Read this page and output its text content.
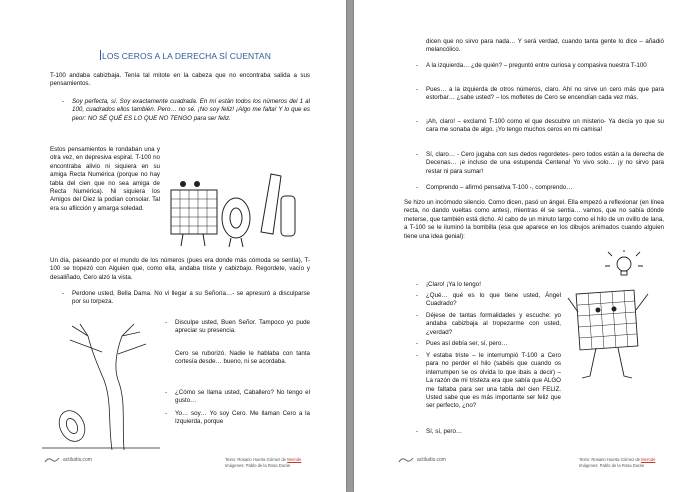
LOS CEROS A LA DERECHA SÍ CUENTAN

T-100 andaba cabizbaja. Tenía tal mitote en la cabeza que no encontraba salida a sus pensamientos.

- Soy perfecta, sí. Soy exactamente cuadrada. En mí están todos los números del 1 al 100, cuadrados ellos también. Pero… no sé. ¡No soy feliz! ¡Algo me falta! Y lo que es peor: NO SÉ QUÉ ES LO QUE NO TENGO para ser feliz.

Estos pensamientos le rondaban una y otra vez, en depresiva espiral. T-100 no encontraba alivio ni siquiera en su amiga Recta Numérica (porque no hay tabla del cien que no sea amiga de Recta Numérica). Ni siquiera los Amigos del Diez la podían consolar. Tal era su aflicción y amarga soledad.

Un día, paseando por el mundo de los números (pues era donde más cómoda se sentía), T-100 se tropezó con Alguien que, como ella, andaba triste y cabizbajo. Regordete, vacío y desaliñado, Cero alzó la vista.

- Perdone usted, Bella Dama. No vi llegar a su Señoría…- se apresuró a disculparse por su torpeza.

- Disculpe usted, Buen Señor. Tampoco yo pude apreciar su presencia.

Cero se ruborizó. Nadie le hablaba con tanta cortesía desde… bueno, ni se acordaba.

- ¿Cómo se llama usted, Caballero? No tengo el gusto…

- Yo… soy… Yo soy Cero. Me llaman Cero a la Izquierda, porque

actiludis.com	Texto: Rosario Huerta Gómez de Merode
Imágenes: Pablo de la Rosa Durán

dicen que no sirvo para nada… Y será verdad, cuando tanta gente lo dice – añadió melancólico.

- A la izquierda… ¿de quién? – preguntó entre curiosa y compasiva nuestra T-100

- Pues… a la izquierda de otros números, claro. Ahí no sirve un cero más que para estorbar… ¿sabe usted? – los mofletes de Cero se encendían cada vez más.

- ¡Ah, claro! – exclamó T-100 como el que descubre un misterio- Ya decía yo que su cara me sonaba de algo. ¡Yo tengo muchos ceros en mi camisa!

- Sí, claro… - Cero jugaba con sus dedos regordetes- pero todos están a la derecha de Decenas… ¡e incluso de una estupenda Centena! Yo vivo solo… ¡y no sirvo para restar ni para sumar!

- Comprendo – afirmó pensativa T-100 -, comprendo…

Se hizo un incómodo silencio. Como dicen, pasó un ángel. Ella empezó a reflexionar (en línea recta, no dando vueltas como antes), mientras él se sentía… vamos, que no sabía dónde meterse, que también está dicho. Al cabo de un minuto largo como el hilo de un ovillo de lana, a T-100 se le iluminó la bombilla (esa que aparece en los dibujos animados cuando alguien tiene una idea genial):

- ¡Claro! ¡Ya lo tengo!

- ¿Qué… qué es lo que tiene usted, Ángel Cuadrado?

- Déjese de tantas formalidades y escuche: yo andaba cabizbaja al tropezarme con usted, ¿verdad?

- Pues así debía ser, sí, pero…

- Y estaba triste – le interrumpió T-100 a Cero para no perder el hilo (sabéis que cuando os interrumpen se os olvida lo que ibais a decir) – La razón de mi tristeza era que sabía que ALGO me faltaba para ser una tabla del cien FELIZ. Usted sabe que es más importante ser feliz que ser perfecto, ¿no?

- Sí, sí, pero…

actiludis.com	Texto: Rosario Huerta Gómez de Merode
Imágenes: Pablo de la Rosa Durán
